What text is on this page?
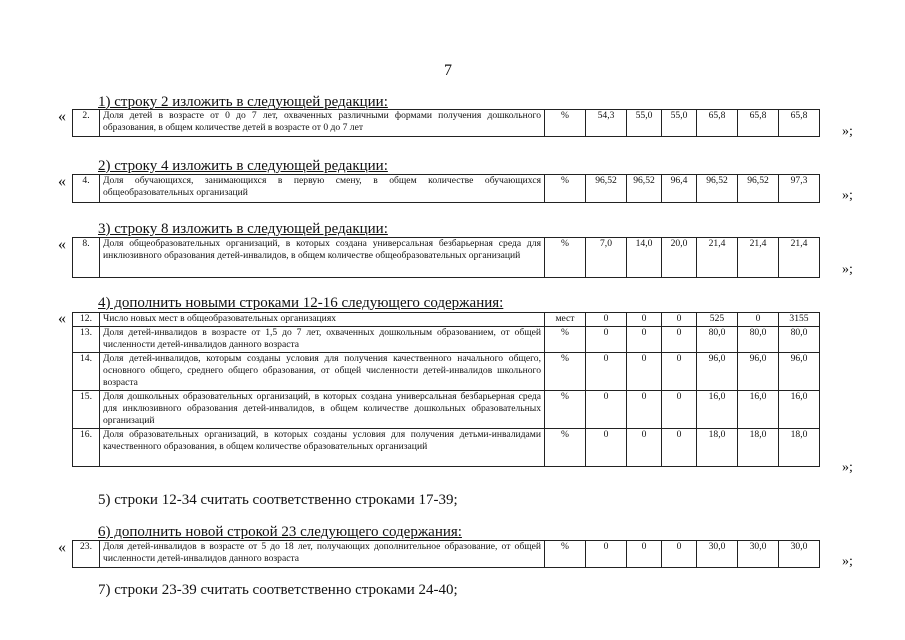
7
1) строку 2 изложить в следующей редакции:
« 2.	Доля детей в возрасте от 0 до 7 лет, охваченных различными формами получения дошкольного образования, в общем количестве детей в возрасте от 0 до 7 лет	%	54,3	55,0	55,0	65,8	65,8	65,8
»;
2) строку 4 изложить в следующей редакции:
« 4.	Доля обучающихся, занимающихся в первую смену, в общем количестве обучающихся общеобразовательных организаций	%	96,52	96,52	96,4	96,52	96,52	97,3
»;
3) строку 8 изложить в следующей редакции:
« 8.	Доля общеобразовательных организаций, в которых создана универсальная безбарьерная среда для инклюзивного образования детей-инвалидов, в общем количестве общеобразовательных организаций	%	7,0	14,0	20,0	21,4	21,4	21,4
»;
4) дополнить новыми строками 12-16 следующего содержания:
« 12.	Число новых мест в общеобразовательных организациях	мест	0	0	0	525	0	3155
13.	Доля детей-инвалидов в возрасте от 1,5 до 7 лет, охваченных дошкольным образованием, от общей численности детей-инвалидов данного возраста	%	0	0	0	80,0	80,0	80,0
14.	Доля детей-инвалидов, которым созданы условия для получения качественного начального общего, основного общего, среднего общего образования, от общей численности детей-инвалидов школьного возраста	%	0	0	0	96,0	96,0	96,0
15.	Доля дошкольных образовательных организаций, в которых создана универсальная безбарьерная среда для инклюзивного образования детей-инвалидов, в общем количестве дошкольных образовательных организаций	%	0	0	0	16,0	16,0	16,0
16.	Доля образовательных организаций, в которых созданы условия для получения детьми-инвалидами качественного образования, в общем количестве образовательных организаций	%	0	0	0	18,0	18,0	18,0
»;
5) строки 12-34 считать соответственно строками 17-39;
6) дополнить новой строкой 23 следующего содержания:
« 23.	Доля детей-инвалидов в возрасте от 5 до 18 лет, получающих дополнительное образование, от общей численности детей-инвалидов данного возраста	%	0	0	0	30,0	30,0	30,0
»;
7) строки 23-39 считать соответственно строками 24-40;
